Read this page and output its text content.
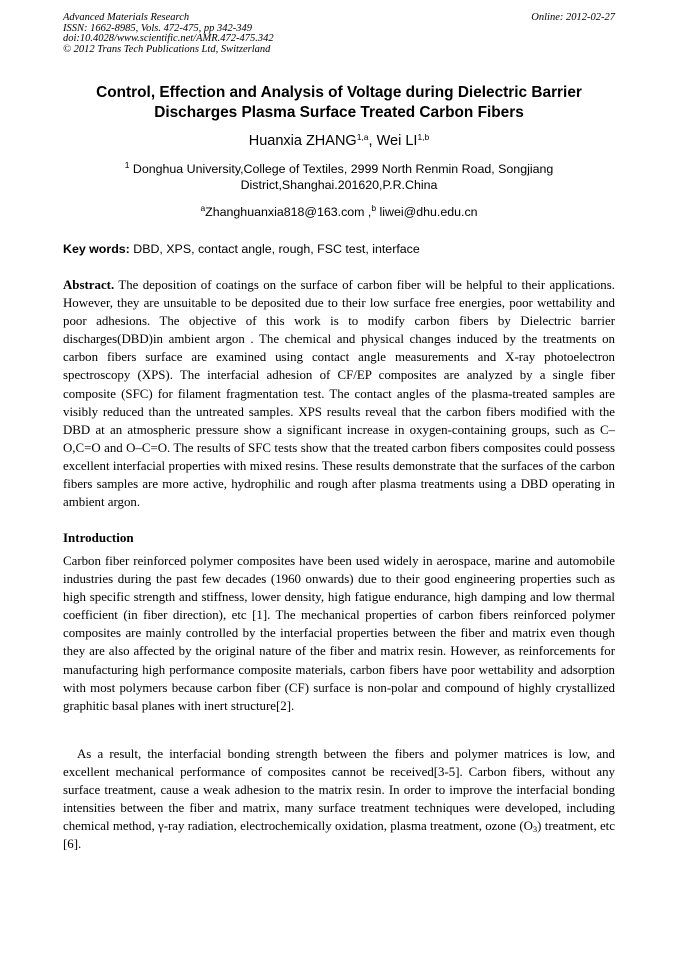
Advanced Materials Research
ISSN: 1662-8985, Vols. 472-475, pp 342-349
doi:10.4028/www.scientific.net/AMR.472-475.342
© 2012 Trans Tech Publications Ltd, Switzerland
Online: 2012-02-27
Control, Effection and Analysis of Voltage during Dielectric Barrier
Discharges Plasma Surface Treated Carbon Fibers
Huanxia ZHANG$^{1,a}$, Wei LI$^{1,b}$
$^1$ Donghua University,College of Textiles, 2999 North Renmin Road, Songjiang
District,Shanghai.201620,P.R.China
$^a$Zhanghuanxia818@163.com ,$^b$ liwei@dhu.edu.cn
Key words: DBD, XPS, contact angle, rough, FSC test, interface

Abstract. The deposition of coatings on the surface of carbon fiber will be helpful to their applications. However, they are unsuitable to be deposited due to their low surface free energies, poor wettability and poor adhesions. The objective of this work is to modify carbon fibers by Dielectric barrier discharges(DBD)in ambient argon . The chemical and physical changes induced by the treatments on carbon fibers surface are examined using contact angle measurements and X-ray photoelectron spectroscopy (XPS). The interfacial adhesion of CF/EP composites are analyzed by a single fiber composite (SFC) for filament fragmentation test. The contact angles of the plasma-treated samples are visibly reduced than the untreated samples. XPS results reveal that the carbon fibers modified with the DBD at an atmospheric pressure show a significant increase in oxygen-containing groups, such as C–O,C=O and O–C=O. The results of SFC tests show that the treated carbon fibers composites could possess excellent interfacial properties with mixed resins. These results demonstrate that the surfaces of the carbon fibers samples are more active, hydrophilic and rough after plasma treatments using a DBD operating in ambient argon.

Introduction

Carbon fiber reinforced polymer composites have been used widely in aerospace, marine and automobile industries during the past few decades (1960 onwards) due to their good engineering properties such as high specific strength and stiffness, lower density, high fatigue endurance, high damping and low thermal coefficient (in fiber direction), etc [1]. The mechanical properties of carbon fibers reinforced polymer composites are mainly controlled by the interfacial properties between the fiber and matrix even though they are also affected by the original nature of the fiber and matrix resin. However, as reinforcements for manufacturing high performance composite materials, carbon fibers have poor wettability and adsorption with most polymers because carbon fiber (CF) surface is non-polar and compound of highly crystallized graphitic basal planes with inert structure[2].

As a result, the interfacial bonding strength between the fibers and polymer matrices is low, and excellent mechanical performance of composites cannot be received[3-5]. Carbon fibers, without any surface treatment, cause a weak adhesion to the matrix resin. In order to improve the interfacial bonding intensities between the fiber and matrix, many surface treatment techniques were developed, including chemical method, γ-ray radiation, electrochemically oxidation, plasma treatment, ozone $(O_3)$ treatment, etc [6].
